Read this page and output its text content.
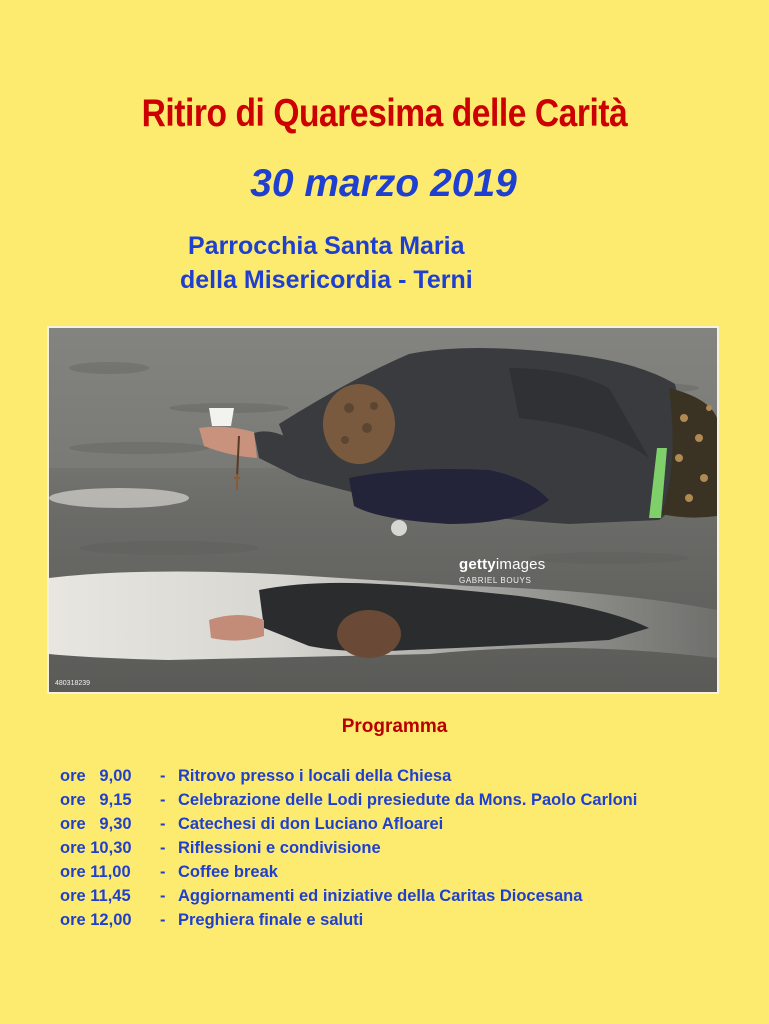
Ritiro di Quaresima delle Carità
30 marzo 2019
Parrocchia Santa Maria
della Misericordia - Terni
gettyimages
GABRIEL BOUYS
480318239
Programma
ore   9,00	- Ritrovo presso i locali della Chiesa
ore   9,15	- Celebrazione delle Lodi presiedute da Mons. Paolo Carloni
ore   9,30	- Catechesi di don Luciano Afloarei
ore 10,30	- Riflessioni e condivisione
ore 11,00	- Coffee break
ore 11,45	- Aggiornamenti ed iniziative della Caritas Diocesana
ore 12,00	- Preghiera finale e saluti
